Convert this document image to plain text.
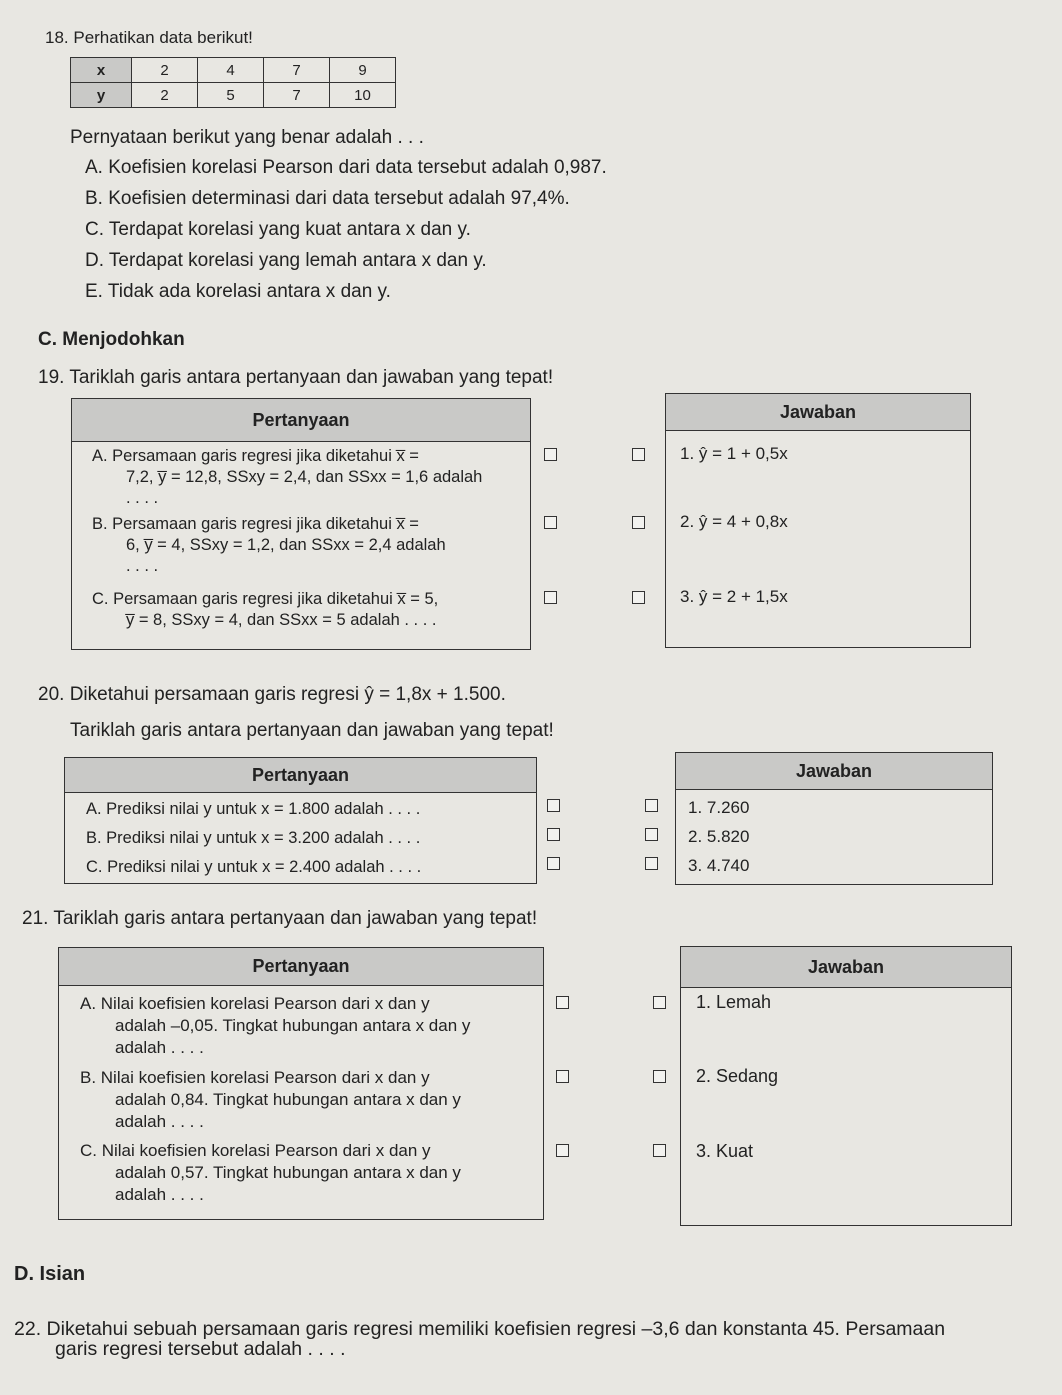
18. Perhatikan data berikut!
x	2	4	7	9
y	2	5	7	10
Pernyataan berikut yang benar adalah . . .
A. Koefisien korelasi Pearson dari data tersebut adalah 0,987.
B. Koefisien determinasi dari data tersebut adalah 97,4%.
C. Terdapat korelasi yang kuat antara x dan y.
D. Terdapat korelasi yang lemah antara x dan y.
E. Tidak ada korelasi antara x dan y.
C. Menjodohkan
19. Tariklah garis antara pertanyaan dan jawaban yang tepat!
Pertanyaan
A. Persamaan garis regresi jika diketahui x̅ =
7,2, y̅ = 12,8, SSxy = 2,4, dan SSxx = 1,6 adalah
. . . .
B. Persamaan garis regresi jika diketahui x̅ =
6, y̅ = 4, SSxy = 1,2, dan SSxx = 2,4 adalah
. . . .
C. Persamaan garis regresi jika diketahui x̅ = 5,
y̅ = 8, SSxy = 4, dan SSxx = 5 adalah . . . .
Jawaban
1. ŷ = 1 + 0,5x
2. ŷ = 4 + 0,8x
3. ŷ = 2 + 1,5x
20. Diketahui persamaan garis regresi ŷ = 1,8x + 1.500.
Tariklah garis antara pertanyaan dan jawaban yang tepat!
Pertanyaan
A. Prediksi nilai y untuk x = 1.800 adalah . . . .
B. Prediksi nilai y untuk x = 3.200 adalah . . . .
C. Prediksi nilai y untuk x = 2.400 adalah . . . .
Jawaban
1. 7.260
2. 5.820
3. 4.740
21. Tariklah garis antara pertanyaan dan jawaban yang tepat!
Pertanyaan
A. Nilai koefisien korelasi Pearson dari x dan y
adalah –0,05. Tingkat hubungan antara x dan y
adalah . . . .
B. Nilai koefisien korelasi Pearson dari x dan y
adalah 0,84. Tingkat hubungan antara x dan y
adalah . . . .
C. Nilai koefisien korelasi Pearson dari x dan y
adalah 0,57. Tingkat hubungan antara x dan y
adalah . . . .
Jawaban
1. Lemah
2. Sedang
3. Kuat
D. Isian
22. Diketahui sebuah persamaan garis regresi memiliki koefisien regresi –3,6 dan konstanta 45. Persamaan
garis regresi tersebut adalah . . . .
